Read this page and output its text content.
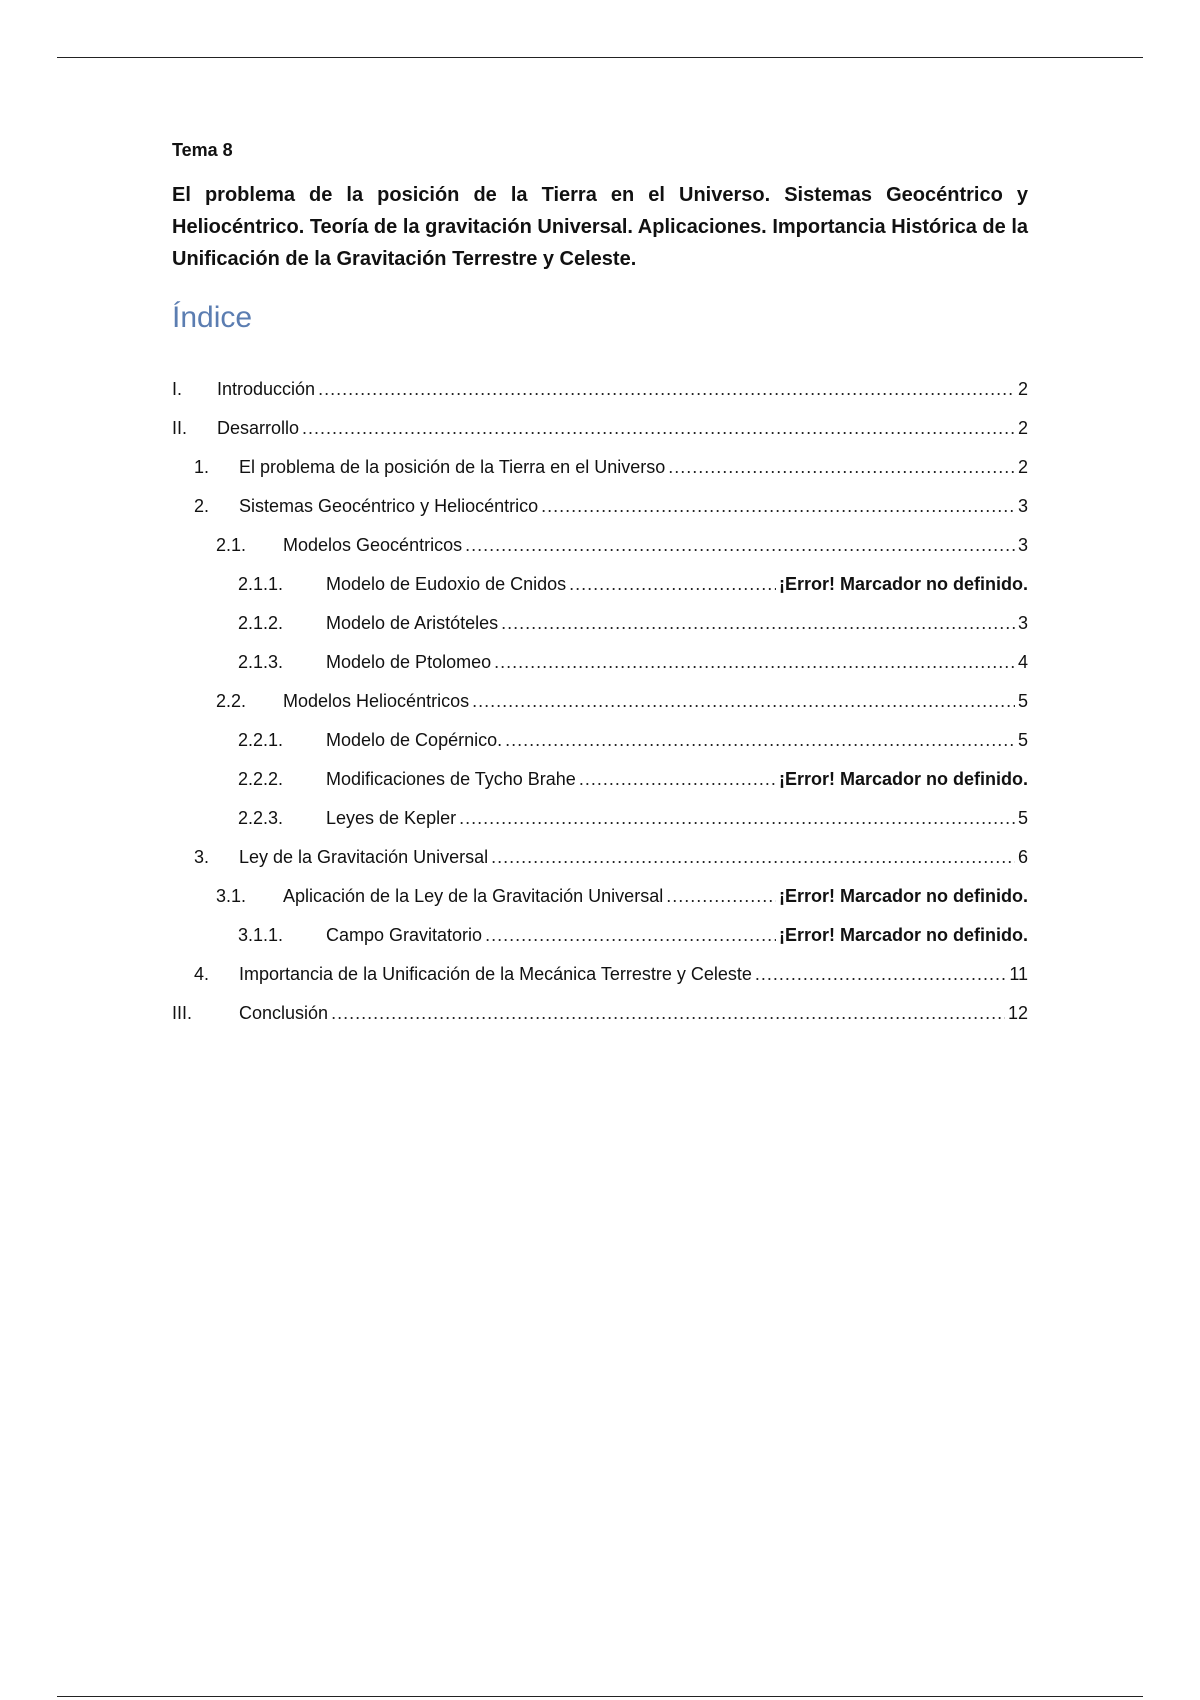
Tema 8

El problema de la posición de la Tierra en el Universo. Sistemas Geocéntrico y Heliocéntrico. Teoría de la gravitación Universal. Aplicaciones. Importancia Histórica de la Unificación de la Gravitación Terrestre y Celeste.

Índice
I.	Introducción .....	2
II.	Desarrollo .....	2
1.	El problema de la posición de la Tierra en el Universo .....	2
2.	Sistemas Geocéntrico y Heliocéntrico .....	3
2.1.	Modelos Geocéntricos .....	3
2.1.1.	Modelo de Eudoxio de Cnidos .....	¡Error! Marcador no definido.
2.1.2.	Modelo de Aristóteles .....	3
2.1.3.	Modelo de Ptolomeo .....	4
2.2.	Modelos Heliocéntricos .....	5
2.2.1.	Modelo de Copérnico. .....	5
2.2.2.	Modificaciones de Tycho Brahe .....	¡Error! Marcador no definido.
2.2.3.	Leyes de Kepler .....	5
3.	Ley de la Gravitación Universal .....	6
3.1.	Aplicación de la Ley de la Gravitación Universal .....	¡Error! Marcador no definido.
3.1.1.	Campo Gravitatorio .....	¡Error! Marcador no definido.
4.	Importancia de la Unificación de la Mecánica Terrestre y Celeste .....	11
III.	Conclusión .....	12
